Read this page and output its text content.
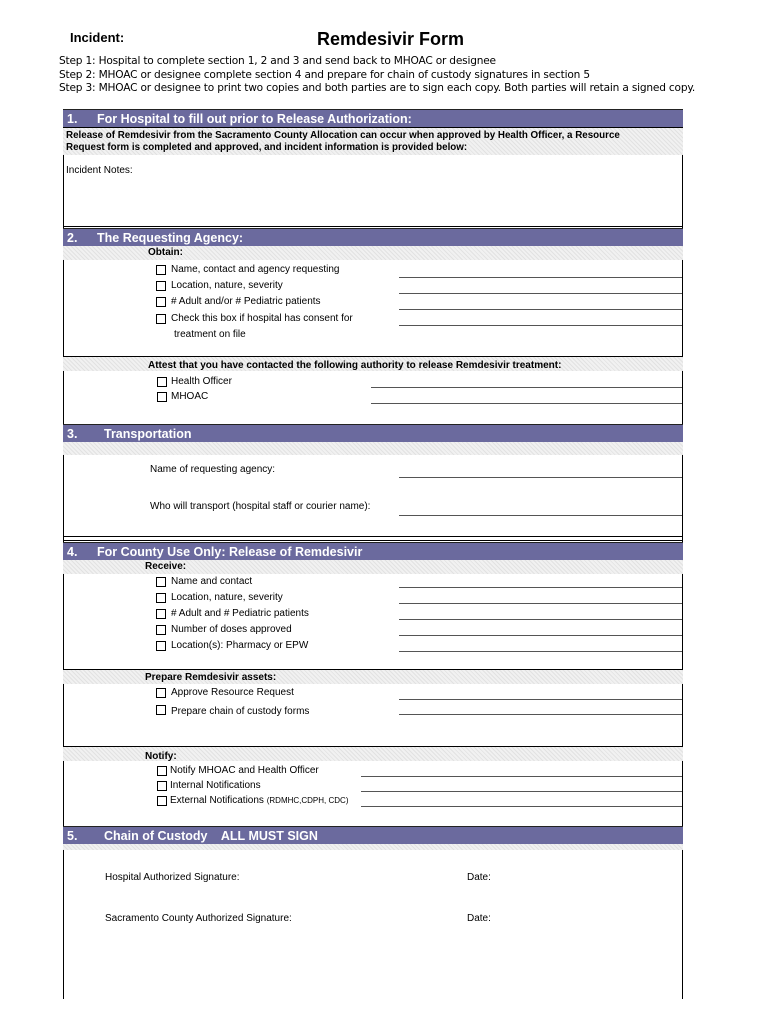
Incident:	Remdesivir Form
Step 1: Hospital to complete section 1, 2 and 3 and send back to MHOAC or designee
Step 2: MHOAC or designee complete section 4 and prepare for chain of custody signatures in section 5
Step 3: MHOAC or designee to print two copies and both parties are to sign each copy. Both parties will retain a signed copy.
1. For Hospital to fill out prior to Release Authorization:
Release of Remdesivir from the Sacramento County Allocation can occur when approved by Health Officer, a Resource
Request form is completed and approved, and incident information is provided below:
Incident Notes:
2. The Requesting Agency:
Obtain:
Name, contact and agency requesting
Location, nature, severity
# Adult and/or # Pediatric patients
Check this box if hospital has consent for
treatment on file
Attest that you have contacted the following authority to release Remdesivir treatment:
Health Officer
MHOAC
3. Transportation
Name of requesting agency:
Who will transport (hospital staff or courier name):
4. For County Use Only: Release of Remdesivir
Receive:
Name and contact
Location, nature, severity
# Adult and # Pediatric patients
Number of doses approved
Location(s): Pharmacy or EPW
Prepare Remdesivir assets:
Approve Resource Request
Prepare chain of custody forms
Notify:
Notify MHOAC and Health Officer
Internal Notifications
External Notifications (RDMHC,CDPH, CDC)
5. Chain of Custody    ALL MUST SIGN
Hospital Authorized Signature:	Date:
Sacramento County Authorized Signature:	Date:
